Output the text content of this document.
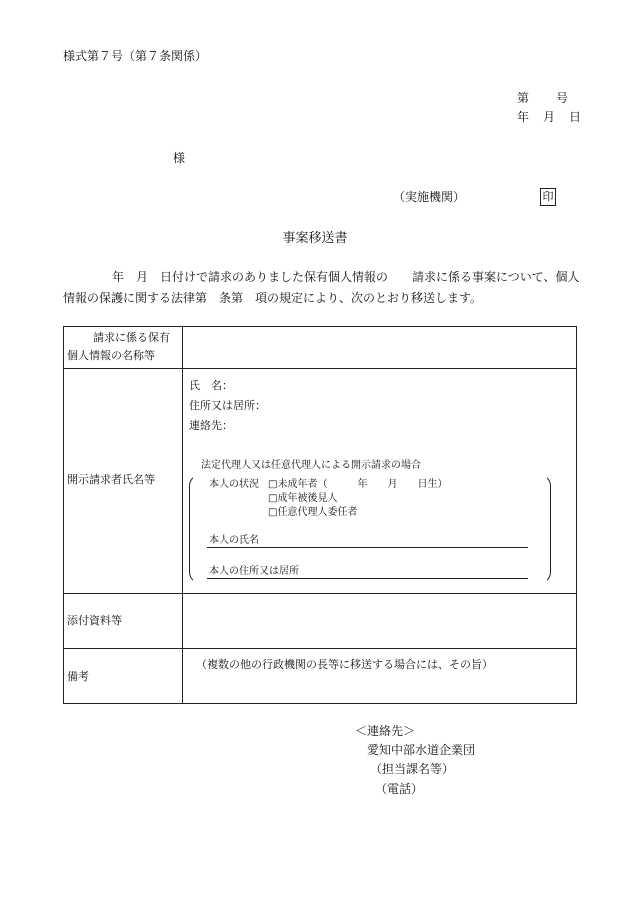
様式第７号（第７条関係）
第　　号
年　月　日
様
（実施機関）	印
事案移送書
年　月　日付けで請求のありました保有個人情報の　　請求に係る事案について、個人
情報の保護に関する法律第　条第　項の規定により、次のとおり移送します。
請求に係る保有
個人情報の名称等
開示請求者氏名等
氏　名：
住所又は居所：
連絡先：
法定代理人又は任意代理人による開示請求の場合
本人の状況 □未成年者（　　　年　　月　　日生）
□成年被後見人
□任意代理人委任者
本人の氏名
本人の住所又は居所
添付資料等
備考
（複数の他の行政機関の長等に移送する場合には、その旨）
＜連絡先＞
愛知中部水道企業団
（担当課名等）
（電話）
